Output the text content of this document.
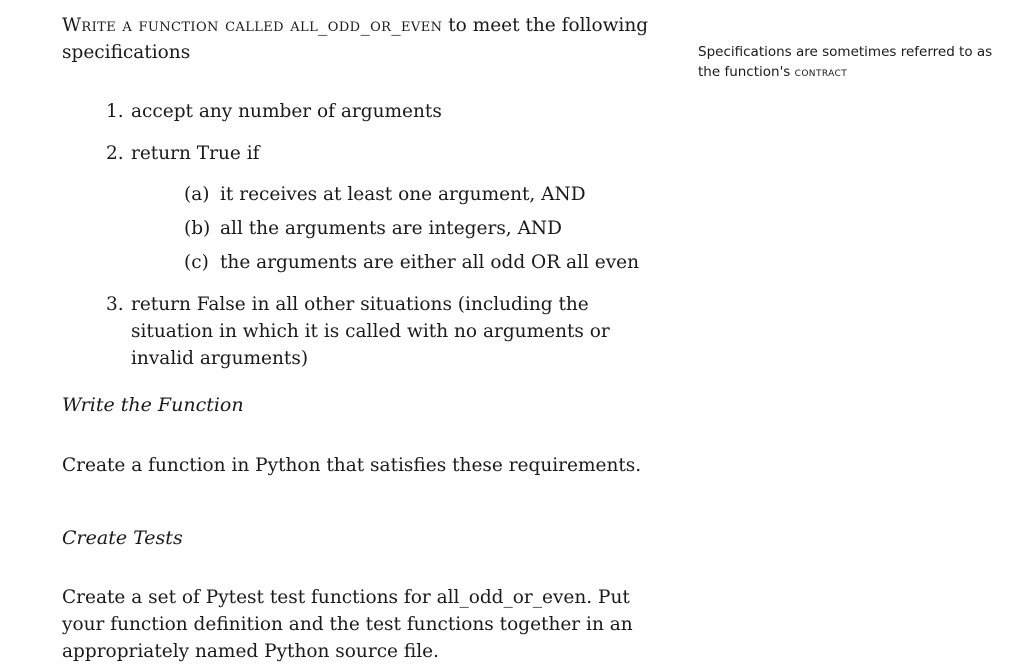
Write a function called all_odd_or_even to meet the following specifications
1. accept any number of arguments
2. return True if
(a) it receives at least one argument, AND
(b) all the arguments are integers, AND
(c) the arguments are either all odd OR all even
3. return False in all other situations (including the situation in which it is called with no arguments or invalid arguments)
Write the Function
Create a function in Python that satisfies these requirements.
Create Tests
Create a set of Pytest test functions for all_odd_or_even. Put your function definition and the test functions together in an appropriately named Python source file.
Specifications are sometimes referred to as the function's contract
